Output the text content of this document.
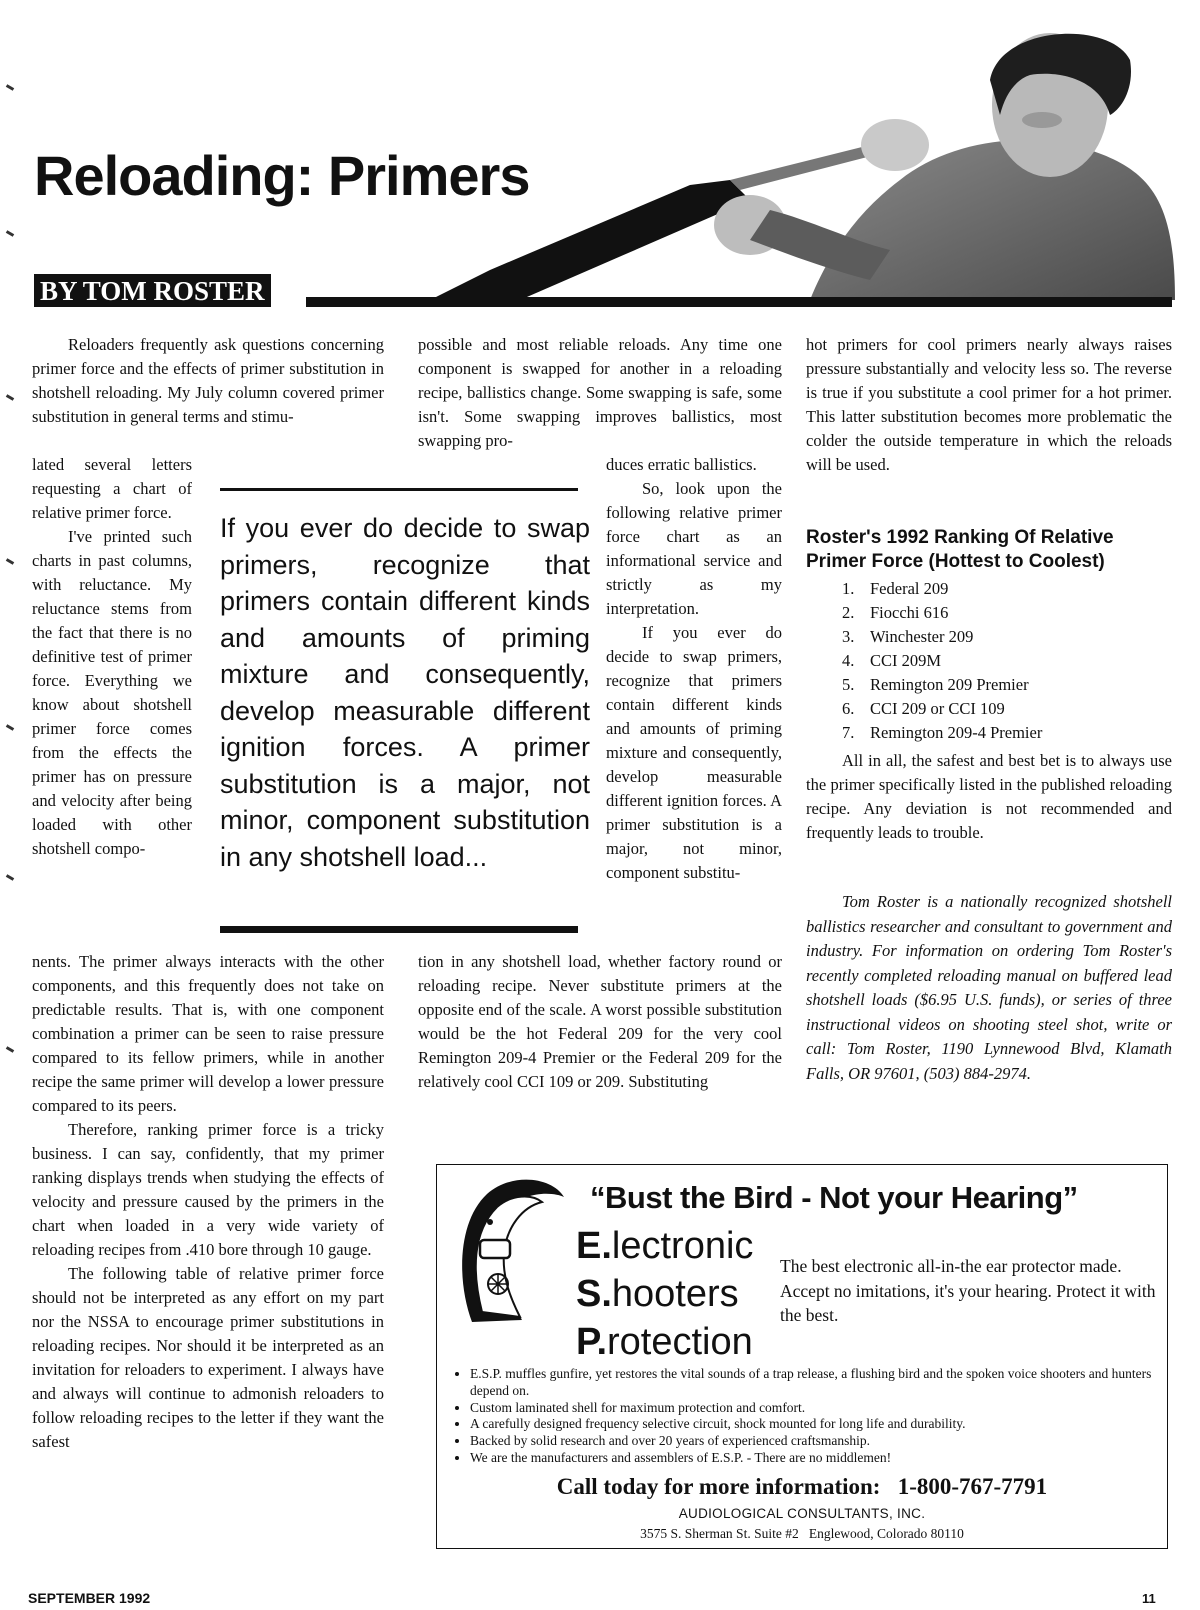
Reloading: Primers
BY TOM ROSTER

Reloaders frequently ask questions concerning primer force and the effects of primer substitution in shotshell reloading. My July column covered primer substitution in general terms and stimu-

lated several letters requesting a chart of relative primer force.

I've printed such charts in past columns, with reluctance. My reluctance stems from the fact that there is no definitive test of primer force. Everything we know about shotshell primer force comes from the effects the primer has on pressure and velocity after being loaded with other shotshell compo-

nents. The primer always interacts with the other components, and this frequently does not take on predictable results. That is, with one component combination a primer can be seen to raise pressure compared to its fellow primers, while in another recipe the same primer will develop a lower pressure compared to its peers.

Therefore, ranking primer force is a tricky business. I can say, confidently, that my primer ranking displays trends when studying the effects of velocity and pressure caused by the primers in the chart when loaded in a very wide variety of reloading recipes from .410 bore through 10 gauge.

The following table of relative primer force should not be interpreted as any effort on my part nor the NSSA to encourage primer substitutions in reloading recipes. Nor should it be interpreted as an invitation for reloaders to experiment. I always have and always will continue to admonish reloaders to follow reloading recipes to the letter if they want the safest

possible and most reliable reloads. Any time one component is swapped for another in a reloading recipe, ballistics change. Some swapping is safe, some isn't. Some swapping improves ballistics, most swapping pro-

duces erratic ballistics.

So, look upon the following relative primer force chart as an informational service and strictly as my interpretation.

If you ever do decide to swap primers, recognize that primers contain different kinds and amounts of priming mixture and consequently, develop measurable different ignition forces. A primer substitution is a major, not minor, component substitu-

tion in any shotshell load, whether factory round or reloading recipe. Never substitute primers at the opposite end of the scale. A worst possible substitution would be the hot Federal 209 for the very cool Remington 209-4 Premier or the Federal 209 for the relatively cool CCI 109 or 209. Substituting

If you ever do decide to swap primers, recognize that primers contain different kinds and amounts of priming mixture and consequently, develop measurable different ignition forces. A primer substitution is a major, not minor, component substitution in any shotshell load...

hot primers for cool primers nearly always raises pressure substantially and velocity less so. The reverse is true if you substitute a cool primer for a hot primer. This latter substitution becomes more problematic the colder the outside temperature in which the reloads will be used.

Roster's 1992 Ranking Of Relative Primer Force (Hottest to Coolest)
1. Federal 209
2. Fiocchi 616
3. Winchester 209
4. CCI 209M
5. Remington 209 Premier
6. CCI 209 or CCI 109
7. Remington 209-4 Premier

All in all, the safest and best bet is to always use the primer specifically listed in the published reloading recipe. Any deviation is not recommended and frequently leads to trouble.

Tom Roster is a nationally recognized shotshell ballistics researcher and consultant to government and industry. For information on ordering Tom Roster's recently completed reloading manual on buffered lead shotshell loads ($6.95 U.S. funds), or series of three instructional videos on shooting steel shot, write or call: Tom Roster, 1190 Lynnewood Blvd, Klamath Falls, OR 97601, (503) 884-2974.

“Bust the Bird - Not your Hearing”
E.lectronic
S.hooters
P.rotection
The best electronic all-in-the ear protector made. Accept no imitations, it's your hearing. Protect it with the best.
• E.S.P. muffles gunfire, yet restores the vital sounds of a trap release, a flushing bird and the spoken voice shooters and hunters depend on.
• Custom laminated shell for maximum protection and comfort.
• A carefully designed frequency selective circuit, shock mounted for long life and durability.
• Backed by solid research and over 20 years of experienced craftsmanship.
• We are the manufacturers and assemblers of E.S.P. - There are no middlemen!
Call today for more information:   1-800-767-7791
AUDIOLOGICAL CONSULTANTS, INC.
3575 S. Sherman St. Suite #2   Englewood, Colorado 80110
SEPTEMBER 1992	11
